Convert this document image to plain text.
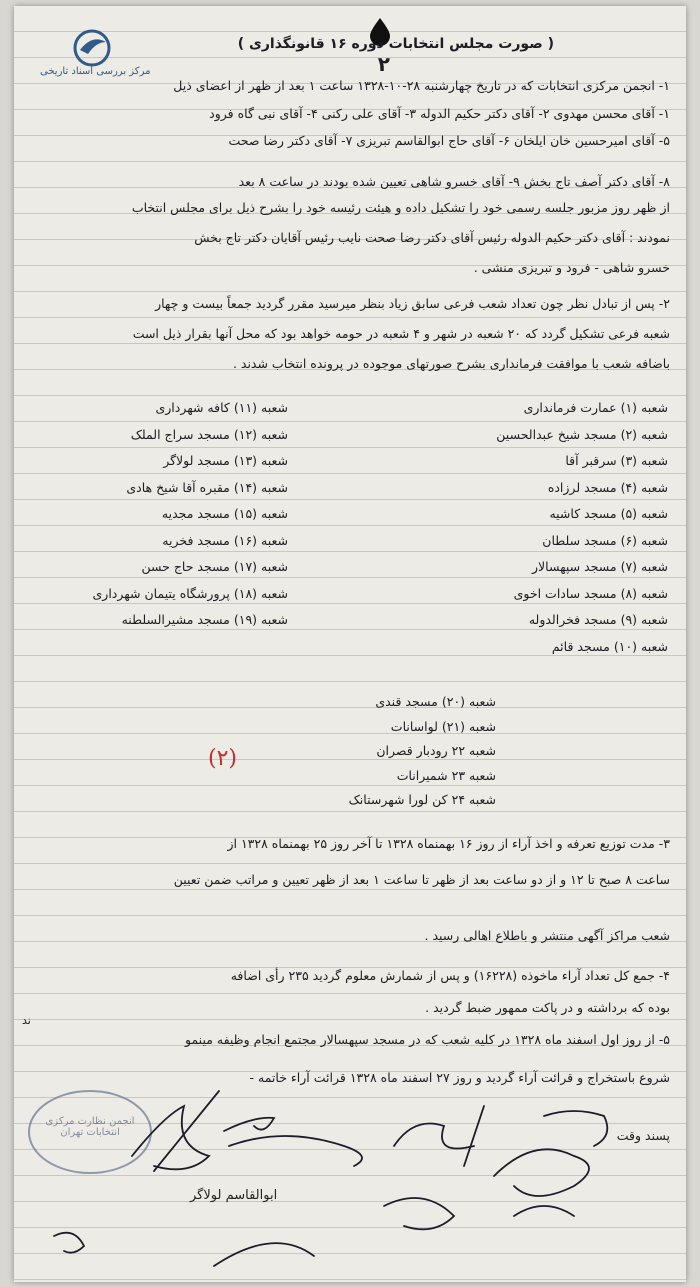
مرکز بررسی اسناد تاریخی
( صورت مجلس انتخابات دوره ۱۶ قانونگذاری )
۲
۱- انجمن مرکزی انتخابات که در تاریخ چهارشنبه ۲۸-۱۰-۱۳۲۸ ساعت ۱ بعد از ظهر از اعضای ذیل
۱- آقای محسن مهدوی ۲- آقای دکتر حکیم الدوله ۳- آقای علی رکنی ۴- آقای نبی گاه فرود
۵- آقای امیرحسین خان ایلخان ۶- آقای حاج ابوالقاسم تبریزی ۷- آقای دکتر رضا صحت
۸- آقای دکتر آصف تاج بخش ۹- آقای خسرو شاهی تعیین شده بودند در ساعت ۸ بعد
از ظهر روز مزبور جلسه رسمی خود را تشکیل داده و هیئت رئیسه خود را بشرح ذیل برای مجلس انتخاب
نمودند : آقای دکتر حکیم الدوله رئیس آقای دکتر رضا صحت نایب رئیس آقایان دکتر تاج بخش
خسرو شاهی - فرود و تبریزی منشی .
۲- پس از تبادل نظر چون تعداد شعب فرعی سابق زیاد بنظر میرسید مقرر گردید جمعاً بیست و چهار
شعبه فرعی تشکیل گردد که ۲۰ شعبه در شهر و ۴ شعبه در حومه خواهد بود که محل آنها بقرار ذیل است
باضافه شعب با موافقت فرمانداری بشرح صورتهای موجوده در پرونده انتخاب شدند .
شعبه (۱) عمارت فرمانداری
شعبه (۲) مسجد شیخ عبدالحسین
شعبه (۳) سرقبر آقا
شعبه (۴) مسجد لرزاده
شعبه (۵) مسجد کاشیه
شعبه (۶) مسجد سلطان
شعبه (۷) مسجد سپهسالار
شعبه (۸) مسجد سادات اخوی
شعبه (۹) مسجد فخرالدوله
شعبه (۱۰) مسجد قائم
شعبه (۱۱) کافه شهرداری
شعبه (۱۲) مسجد سراج الملک
شعبه (۱۳) مسجد لولاگر
شعبه (۱۴) مقبره آقا شیخ هادی
شعبه (۱۵) مسجد مجدیه
شعبه (۱۶) مسجد فخریه
شعبه (۱۷) مسجد حاج حسن
شعبه (۱۸) پرورشگاه یتیمان شهرداری
شعبه (۱۹) مسجد مشیرالسلطنه
شعبه (۲۰) مسجد قندی
شعبه (۲۱) لواسانات
شعبه ۲۲ رودبار قصران
شعبه ۲۳ شمیرانات
شعبه ۲۴ کن لورا شهرستانک
(۲)
۳- مدت توزیع تعرفه و اخذ آراء از روز ۱۶ بهمنماه ۱۳۲۸ تا آخر روز ۲۵ بهمنماه ۱۳۲۸ از
ساعت ۸ صبح تا ۱۲ و از دو ساعت بعد از ظهر تا ساعت ۱ بعد از ظهر تعیین و مراتب ضمن تعیین
شعب مراکز آگهی منتشر و باطلاع اهالی رسید .
۴- جمع کل تعداد آراء ماخوذه (۱۶۲۲۸) و پس از شمارش معلوم گردید ۲۳۵ رأی اضافه
بوده که برداشته و در پاکت ممهور ضبط گردید .
ند
۵- از روز اول اسفند ماه ۱۳۲۸ در کلیه شعب که در مسجد سپهسالار مجتمع انجام وظیفه مینمو
شروع باستخراج و قرائت آراء گردید و روز ۲۷ اسفند ماه ۱۳۲۸ قرائت آراء خاتمه -
پسند وقت
انجمن نظارت مرکزی انتخابات تهران
ابوالقاسم لولاگر
